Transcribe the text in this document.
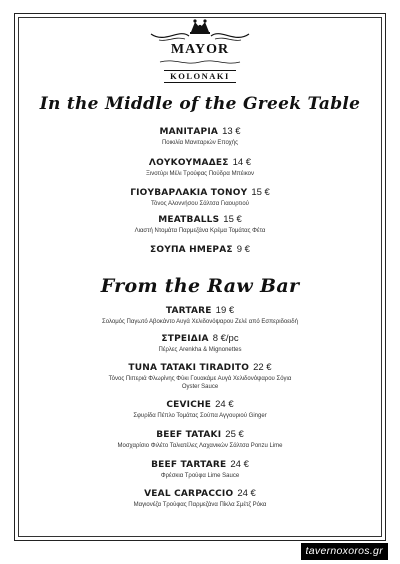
MAYOR
KOLONAKI
In the Middle of the Greek Table
ΜΑΝΙΤΑΡΙΑ 13 €
Ποικιλία Μανιταριών Εποχής
ΛΟΥΚΟΥΜΑΔΕΣ 14 €
Ξινοτύρι Μέλι Τρούφας Πούδρα Μπέικον
ΓΙΟΥΒΑΡΛΑΚΙΑ ΤΟΝΟΥ 15 €
Τόνος Αλοννήσου Σάλτσα Γιαουρτιού
MEATBALLS 15 €
Λιαστή Ντομάτα Παρμεζάνα Κρέμα Τομάτας Φέτα
ΣΟΥΠΑ ΗΜΕΡΑΣ 9 €
From the Raw Bar
TARTARE 19 €
Σολομός Παγωτό Αβοκάντο Αυγά Χελιδονόψαρου Ζελέ από Εσπεριδοειδή
ΣΤΡΕΙΔΙΑ 8 €/pc
Πέρλες Arenkha & Mignonettes
TUNA TATAKI TIRADITO 22 €
Τόνος Πιπεριά Φλωρίνης Φύκι Γουακάμε Αυγά Χελιδονόψαρου Σόγια Oyster Sauce
CEVICHE 24 €
Σφυρίδα Πέπλο Τομάτας Σούπα Αγγουριού Ginger
BEEF TATAKI 25 €
Μοσχαρίσιο Φιλέτο Ταλιατέλες Λαχανικών Σάλτσα Ponzu Lime
BEEF TARTARE 24 €
Φρέσκια Τρούφα Lime Sauce
VEAL CARPACCIO 24 €
Μαγιονέζα Τρούφας Παρμεζάνα Πίκλα Σμέτζ Ρόκα
tavernoxoros.gr
